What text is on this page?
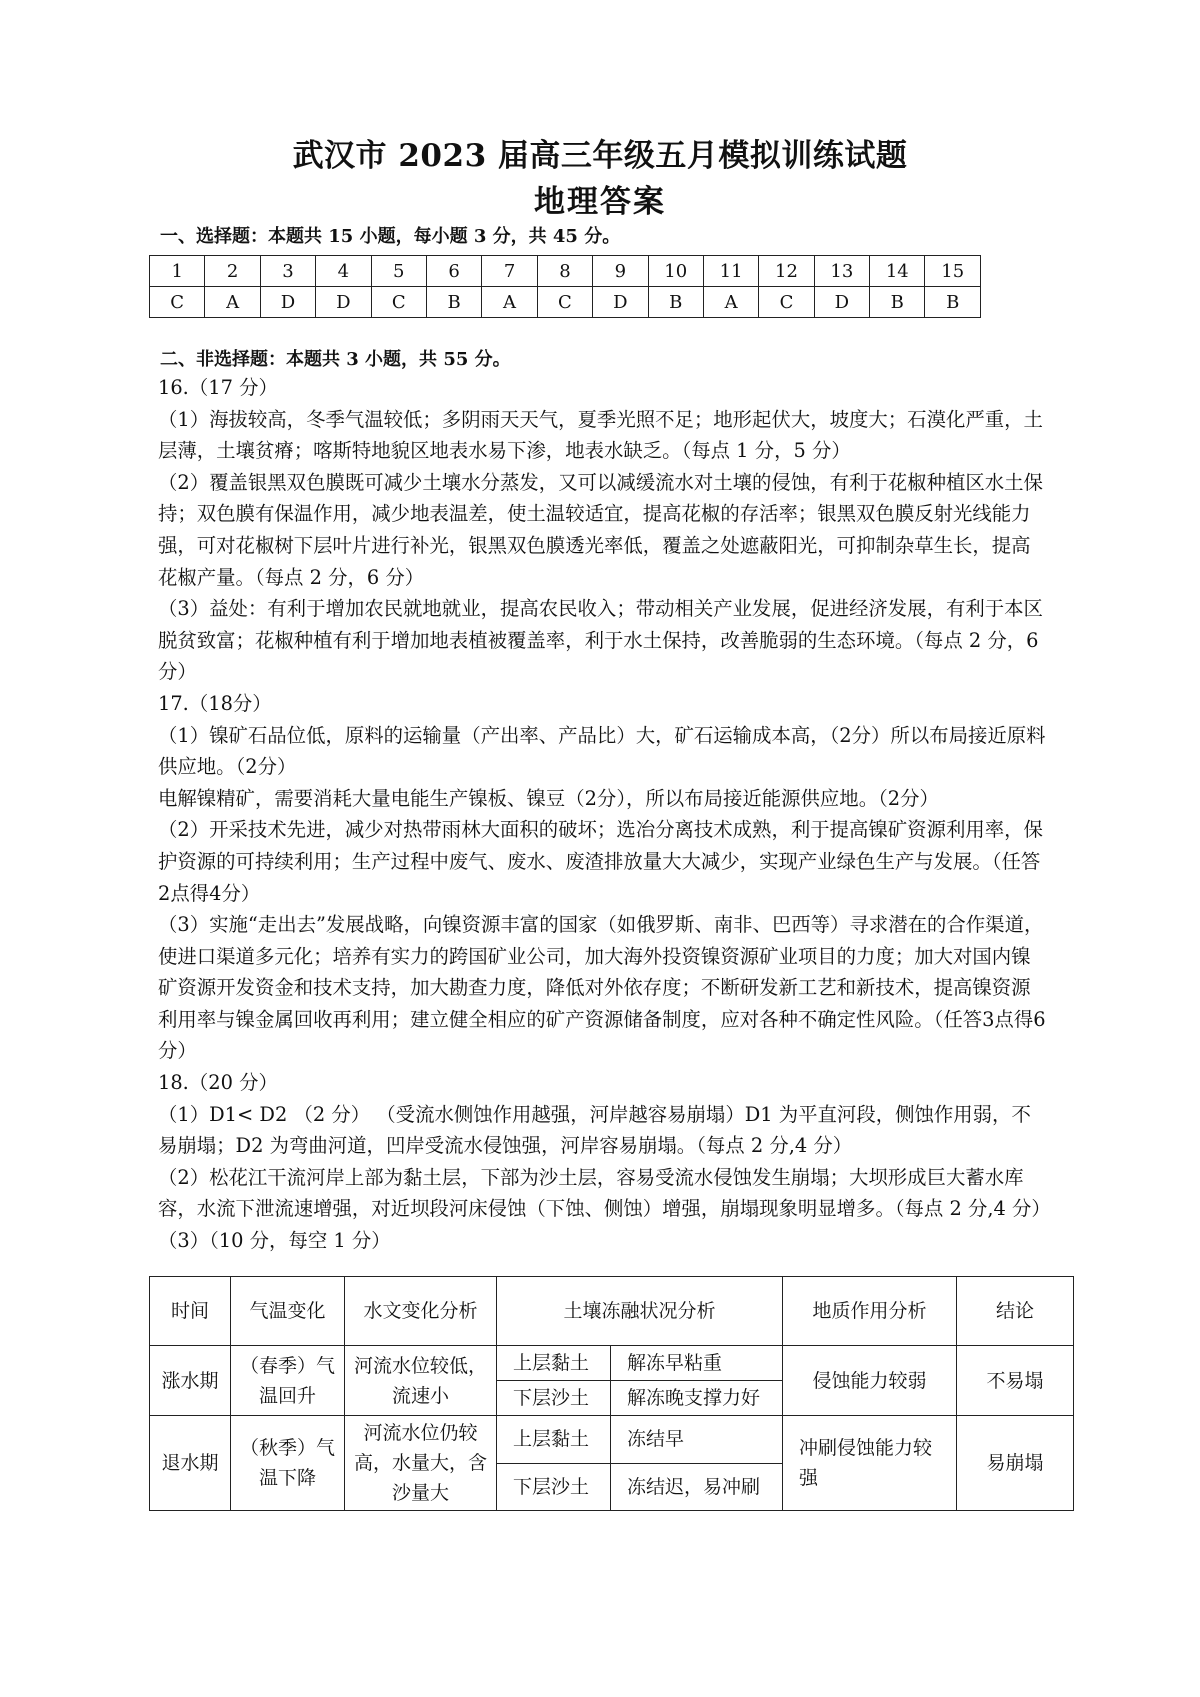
武汉市 2023 届高三年级五月模拟训练试题
地理答案
一、选择题：本题共 15 小题，每小题 3 分，共 45 分。
1	2	3	4	5	6	7	8	9	10	11	12	13	14	15
C	A	D	D	C	B	A	C	D	B	A	C	D	B	B
二、非选择题：本题共 3 小题，共 55 分。

16.（17 分）

（1）海拔较高，冬季气温较低；多阴雨天天气，夏季光照不足；地形起伏大，坡度大；石漠化严重，土层薄，土壤贫瘠；喀斯特地貌区地表水易下渗，地表水缺乏。（每点 1 分，5 分）

（2）覆盖银黑双色膜既可减少土壤水分蒸发，又可以减缓流水对土壤的侵蚀，有利于花椒种植区水土保持；双色膜有保温作用，减少地表温差，使土温较适宜，提高花椒的存活率；银黑双色膜反射光线能力强，可对花椒树下层叶片进行补光，银黑双色膜透光率低，覆盖之处遮蔽阳光，可抑制杂草生长，提高花椒产量。（每点 2 分，6 分）

（3）益处：有利于增加农民就地就业，提高农民收入；带动相关产业发展，促进经济发展，有利于本区脱贫致富；花椒种植有利于增加地表植被覆盖率，利于水土保持，改善脆弱的生态环境。（每点 2 分，6 分）

17.（18分）

（1）镍矿石品位低，原料的运输量（产出率、产品比）大，矿石运输成本高，（2分）所以布局接近原料供应地。（2分）

电解镍精矿，需要消耗大量电能生产镍板、镍豆（2分），所以布局接近能源供应地。（2分）

（2）开采技术先进，减少对热带雨林大面积的破坏；选冶分离技术成熟，利于提高镍矿资源利用率，保护资源的可持续利用；生产过程中废气、废水、废渣排放量大大减少，实现产业绿色生产与发展。（任答2点得4分）

（3）实施“走出去”发展战略，向镍资源丰富的国家（如俄罗斯、南非、巴西等）寻求潜在的合作渠道，使进口渠道多元化；培养有实力的跨国矿业公司，加大海外投资镍资源矿业项目的力度；加大对国内镍矿资源开发资金和技术支持，加大勘查力度，降低对外依存度；不断研发新工艺和新技术，提高镍资源利用率与镍金属回收再利用；建立健全相应的矿产资源储备制度，应对各种不确定性风险。（任答3点得6分）

18.（20 分）

（1）D1< D2 （2 分） （受流水侧蚀作用越强，河岸越容易崩塌）D1 为平直河段，侧蚀作用弱，不易崩塌；D2 为弯曲河道，凹岸受流水侵蚀强，河岸容易崩塌。（每点 2 分,4 分）

（2）松花江干流河岸上部为黏土层，下部为沙土层，容易受流水侵蚀发生崩塌；大坝形成巨大蓄水库容，水流下泄流速增强，对近坝段河床侵蚀（下蚀、侧蚀）增强，崩塌现象明显增多。（每点 2 分,4 分）

（3）（10 分，每空 1 分）

时间	气温变化	水文变化分析	土壤冻融状况分析		地质作用分析	结论
涨水期	（春季）气温回升	河流水位较低，流速小	上层黏土	解冻早粘重	侵蚀能力较弱	不易塌
			下层沙土	解冻晚支撑力好		
退水期	（秋季）气温下降	河流水位仍较高，水量大，含沙量大	上层黏土	冻结早	冲刷侵蚀能力较强	易崩塌
			下层沙土	冻结迟，易冲刷		
